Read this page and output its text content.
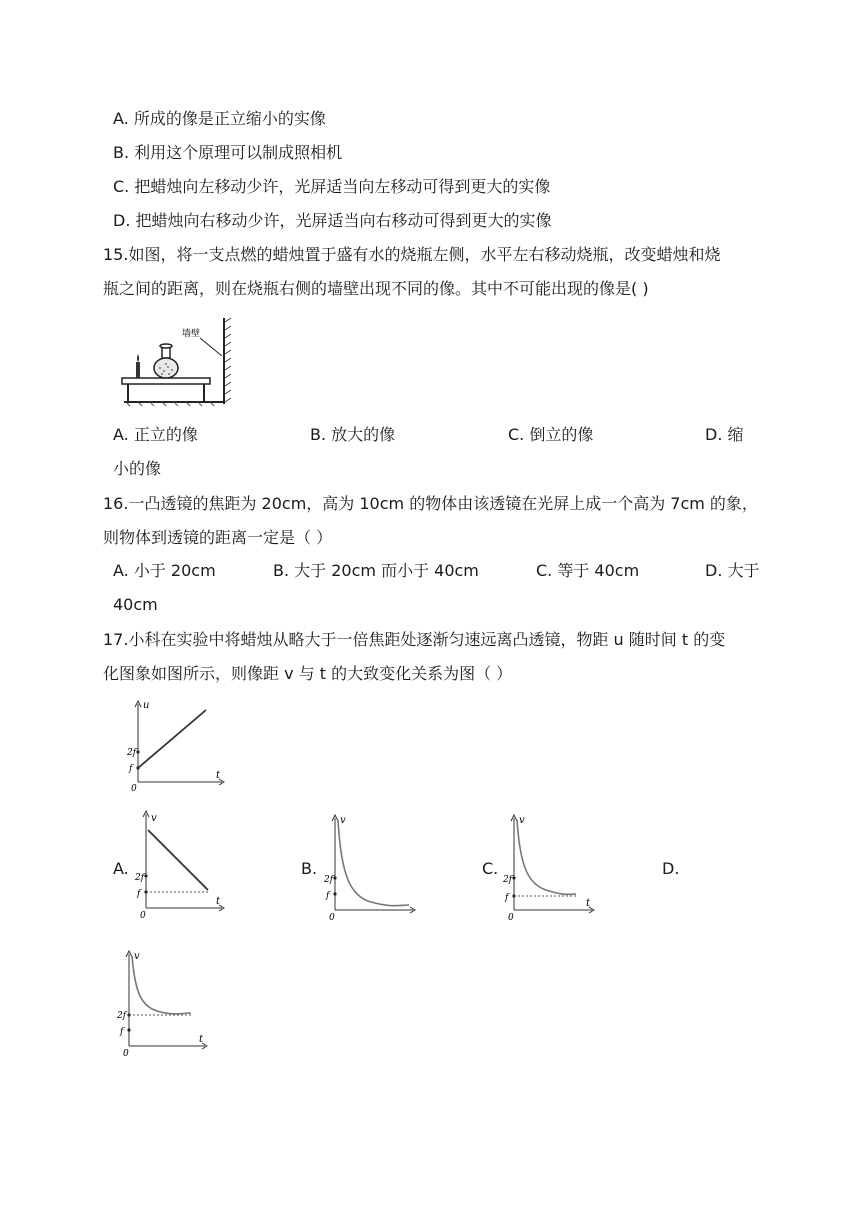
A. 所成的像是正立缩小的实像
B. 利用这个原理可以制成照相机
C. 把蜡烛向左移动少许，光屏适当向左移动可得到更大的实像
D. 把蜡烛向右移动少许，光屏适当向右移动可得到更大的实像
15.如图，将一支点燃的蜡烛置于盛有水的烧瓶左侧，水平左右移动烧瓶，改变蜡烛和烧
瓶之间的距离，则在烧瓶右侧的墙壁出现不同的像。其中不可能出现的像是( )
墙壁
A. 正立的像	B. 放大的像	C. 倒立的像	D. 缩
小的像
16.一凸透镜的焦距为 20cm，高为 10cm 的物体由该透镜在光屏上成一个高为 7cm 的象，
则物体到透镜的距离一定是（ ）
A. 小于 20cm	B. 大于 20cm 而小于 40cm	C. 等于 40cm	D. 大于
40cm
17.小科在实验中将蜡烛从略大于一倍焦距处逐渐匀速远离凸透镜，物距 u 随时间 t 的变
化图象如图所示，则像距 v 与 t 的大致变化关系为图（ ）
u
t
0
2f
f
A.	B.	C.	D.
v
t
0
2f
f
v
0
2f
f
v
t
0
2f
f
v
t
0
2f
f
